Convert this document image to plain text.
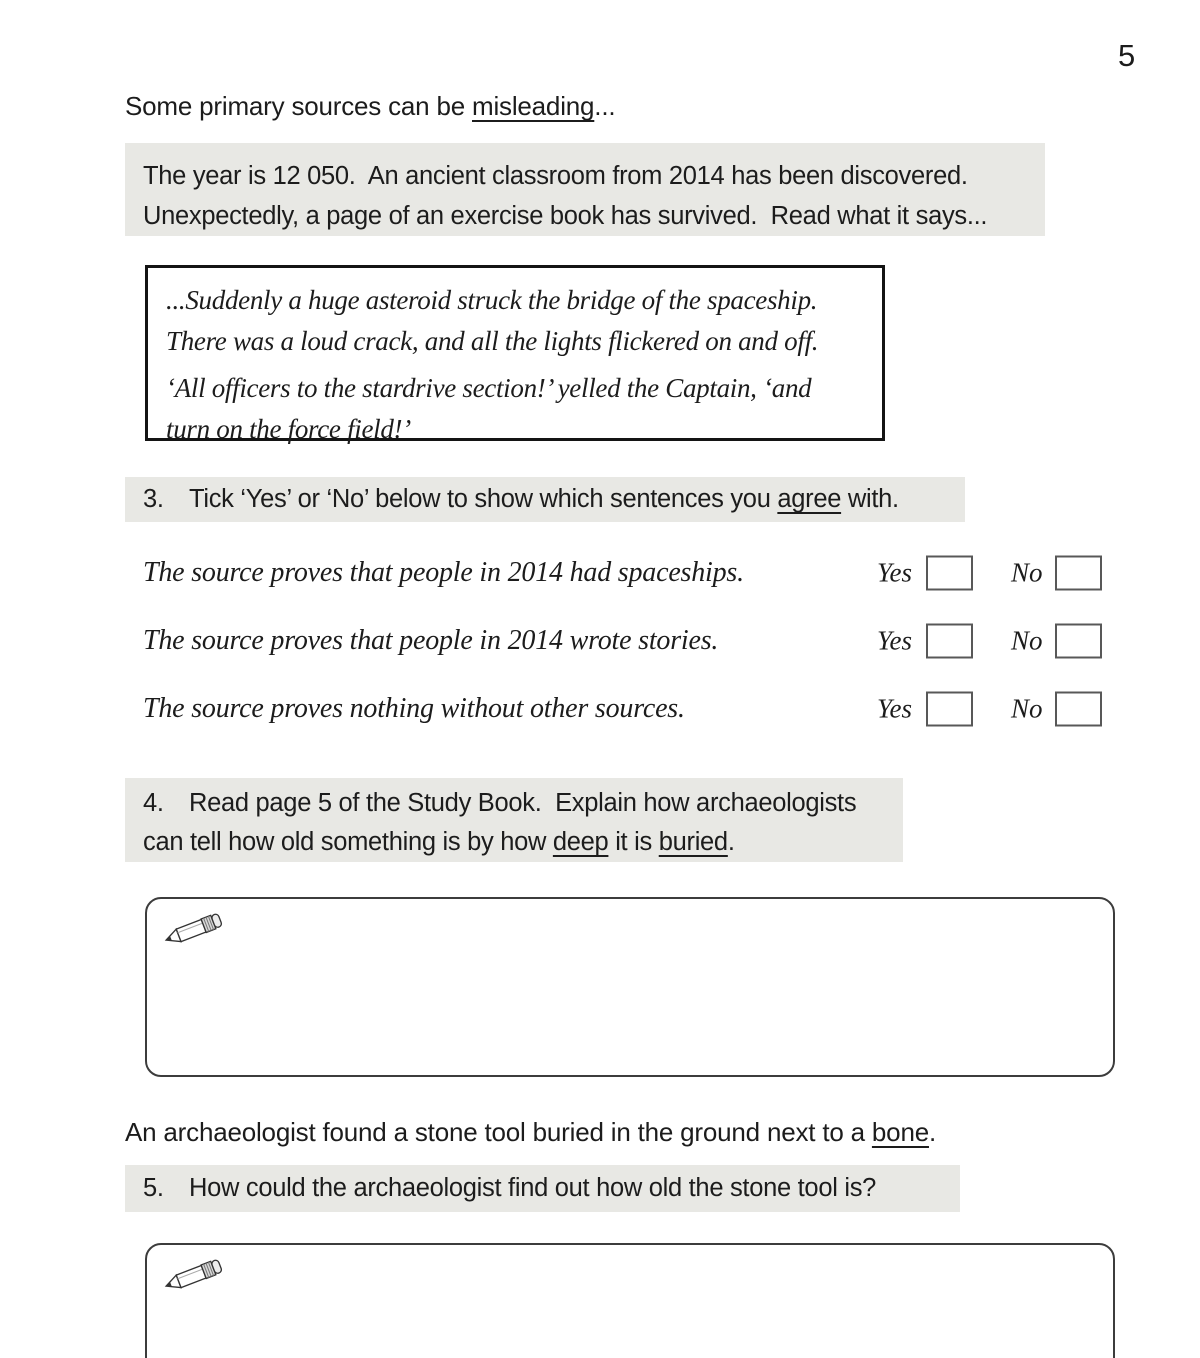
5
Some primary sources can be misleading...
The year is 12 050.  An ancient classroom from 2014 has been discovered.
Unexpectedly, a page of an exercise book has survived.  Read what it says...
...Suddenly a huge asteroid struck the bridge of the spaceship.
There was a loud crack, and all the lights flickered on and off.
‘All officers to the stardrive section!’ yelled the Captain, ‘and
turn on the force field!’
3. Tick ‘Yes’ or ‘No’ below to show which sentences you agree with.
The source proves that people in 2014 had spaceships.	Yes	No
The source proves that people in 2014 wrote stories.	Yes	No
The source proves nothing without other sources.	Yes	No
4. Read page 5 of the Study Book.  Explain how archaeologists
can tell how old something is by how deep it is buried.
An archaeologist found a stone tool buried in the ground next to a bone.
5. How could the archaeologist find out how old the stone tool is?
